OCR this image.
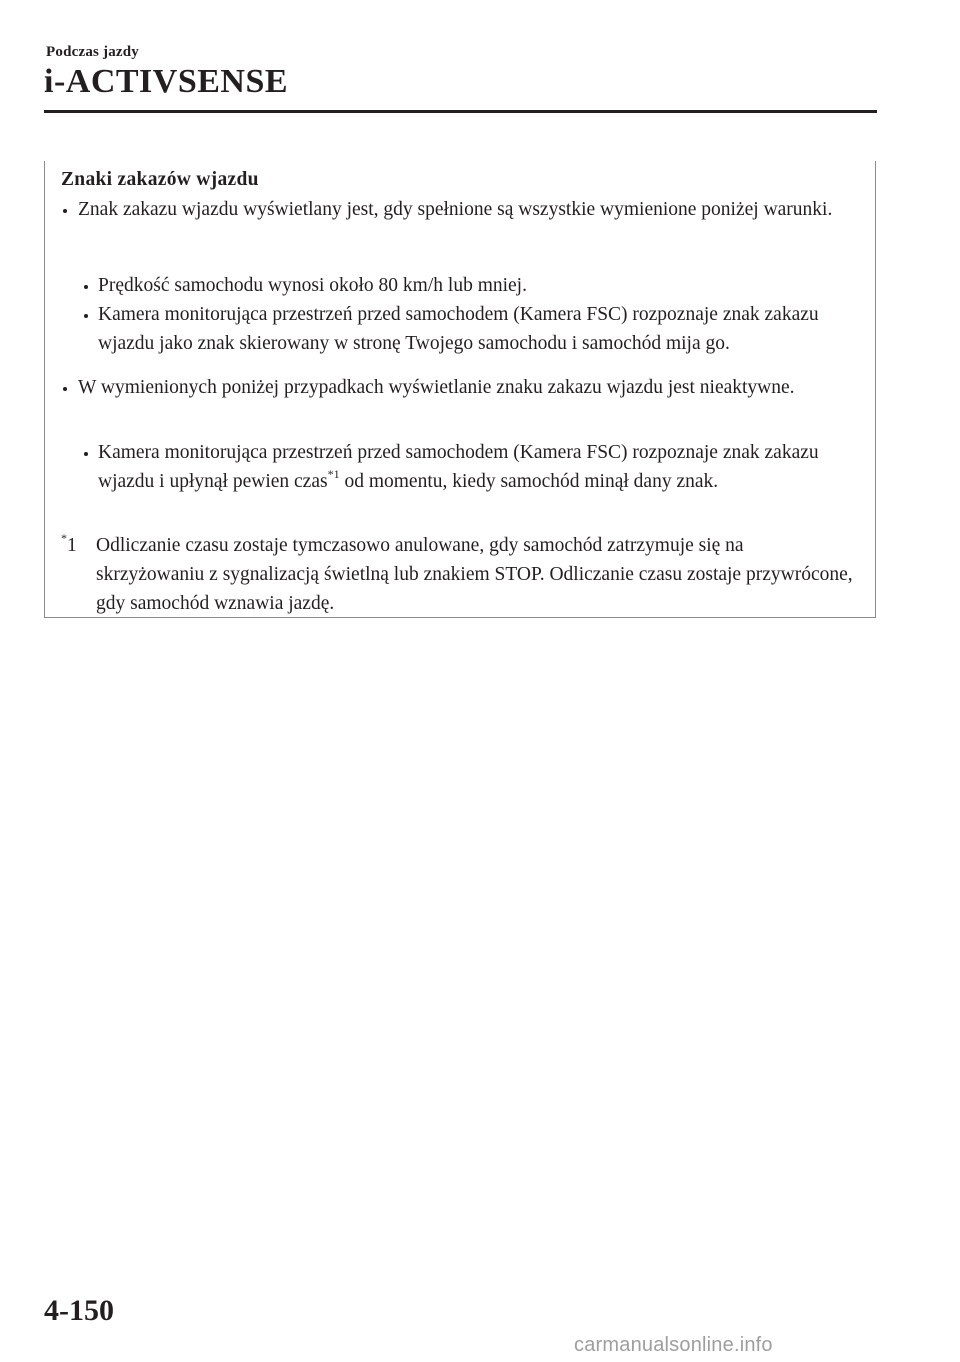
Podczas jazdy
i-ACTIVSENSE
Znaki zakazów wjazdu
Znak zakazu wjazdu wyświetlany jest, gdy spełnione są wszystkie wymienione poniżej warunki.
Prędkość samochodu wynosi około 80 km/h lub mniej.
Kamera monitorująca przestrzeń przed samochodem (Kamera FSC) rozpoznaje znak zakazu wjazdu jako znak skierowany w stronę Twojego samochodu i samochód mija go.
W wymienionych poniżej przypadkach wyświetlanie znaku zakazu wjazdu jest nieaktywne.
Kamera monitorująca przestrzeń przed samochodem (Kamera FSC) rozpoznaje znak zakazu wjazdu i upłynął pewien czas$^{*1}$ od momentu, kiedy samochód minął dany znak.
*1 Odliczanie czasu zostaje tymczasowo anulowane, gdy samochód zatrzymuje się na skrzyżowaniu z sygnalizacją świetlną lub znakiem STOP. Odliczanie czasu zostaje przywrócone, gdy samochód wznawia jazdę.
4-150
carmanualsonline.info
